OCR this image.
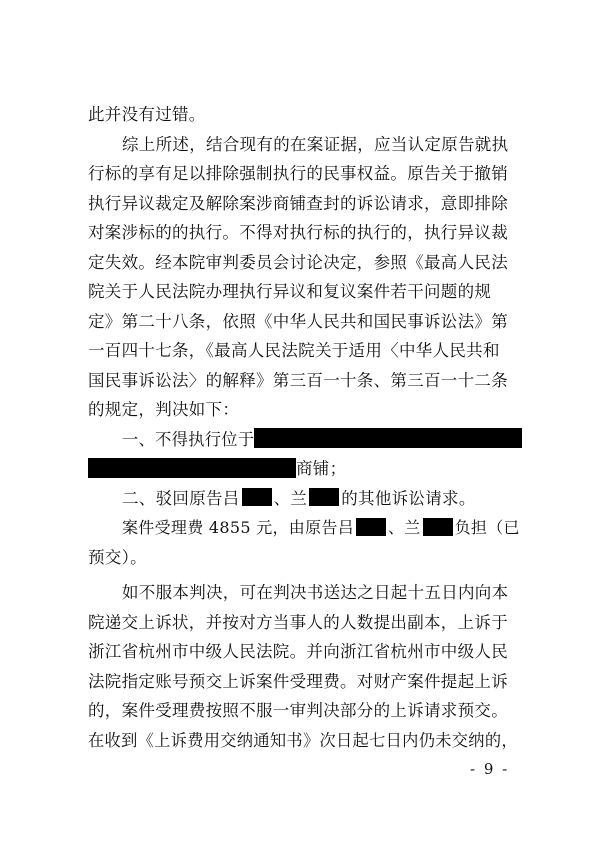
此并没有过错。
综上所述，结合现有的在案证据，应当认定原告就执
行标的享有足以排除强制执行的民事权益。原告关于撤销
执行异议裁定及解除案涉商铺查封的诉讼请求，意即排除
对案涉标的的执行。不得对执行标的执行的，执行异议裁
定失效。经本院审判委员会讨论决定，参照《最高人民法
院关于人民法院办理执行异议和复议案件若干问题的规
定》第二十八条，依照《中华人民共和国民事诉讼法》第
一百四十七条，《最高人民法院关于适用〈中华人民共和
国民事诉讼法〉的解释》第三百一十条、第三百一十二条
的规定，判决如下：
一、不得执行位于
商铺；
二、驳回原告吕 、兰 的其他诉讼请求。
案件受理费 4855 元，由原告吕 、兰 负担（已
预交）。
如不服本判决，可在判决书送达之日起十五日内向本
院递交上诉状，并按对方当事人的人数提出副本，上诉于
浙江省杭州市中级人民法院。并向浙江省杭州市中级人民
法院指定账号预交上诉案件受理费。对财产案件提起上诉
的，案件受理费按照不服一审判决部分的上诉请求预交。
在收到《上诉费用交纳通知书》次日起七日内仍未交纳的，
- 9 -
